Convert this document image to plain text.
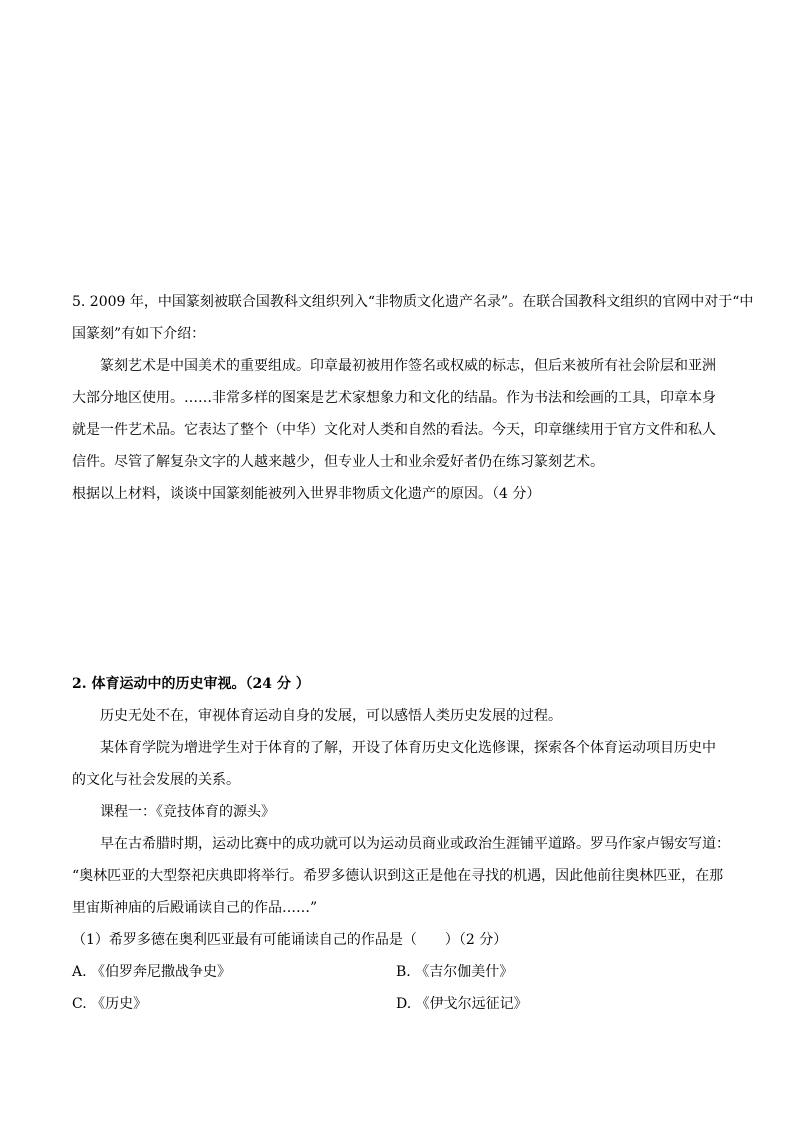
5. 2009 年，中国篆刻被联合国教科文组织列入“非物质文化遗产名录”。在联合国教科文组织的官网中对于“中
国篆刻”有如下介绍：
篆刻艺术是中国美术的重要组成。印章最初被用作签名或权威的标志，但后来被所有社会阶层和亚洲
大部分地区使用。……非常多样的图案是艺术家想象力和文化的结晶。作为书法和绘画的工具，印章本身
就是一件艺术品。它表达了整个（中华）文化对人类和自然的看法。今天，印章继续用于官方文件和私人
信件。尽管了解复杂文字的人越来越少，但专业人士和业余爱好者仍在练习篆刻艺术。
根据以上材料，谈谈中国篆刻能被列入世界非物质文化遗产的原因。（4 分）
2. 体育运动中的历史审视。（24 分 ）
历史无处不在，审视体育运动自身的发展，可以感悟人类历史发展的过程。
某体育学院为增进学生对于体育的了解，开设了体育历史文化选修课，探索各个体育运动项目历史中
的文化与社会发展的关系。
课程一：《竞技体育的源头》
早在古希腊时期，运动比赛中的成功就可以为运动员商业或政治生涯铺平道路。罗马作家卢锡安写道：
“奥林匹亚的大型祭祀庆典即将举行。希罗多德认识到这正是他在寻找的机遇，因此他前往奥林匹亚，在那
里宙斯神庙的后殿诵读自己的作品……”
（1）希罗多德在奥利匹亚最有可能诵读自己的作品是（　　）（2 分）
A. 《伯罗奔尼撒战争史》	B. 《吉尔伽美什》
C. 《历史》	D. 《伊戈尔远征记》
